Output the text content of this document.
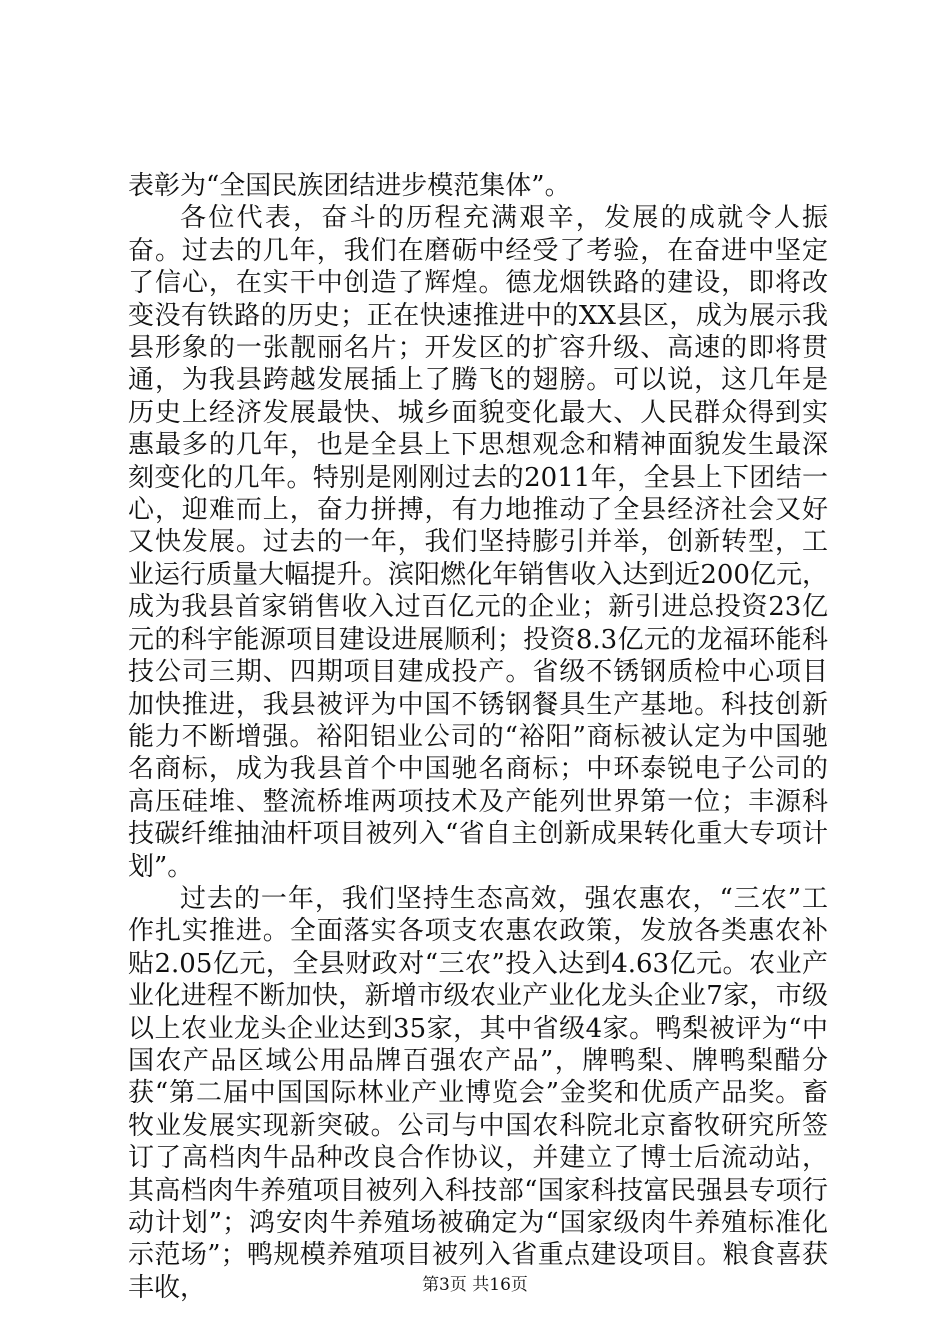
表彰为“全国民族团结进步模范集体”。

各位代表，奋斗的历程充满艰辛，发展的成就令人振奋。过去的几年，我们在磨砺中经受了考验，在奋进中坚定了信心，在实干中创造了辉煌。德龙烟铁路的建设，即将改变没有铁路的历史；正在快速推进中的XX县区，成为展示我县形象的一张靓丽名片；开发区的扩容升级、高速的即将贯通，为我县跨越发展插上了腾飞的翅膀。可以说，这几年是历史上经济发展最快、城乡面貌变化最大、人民群众得到实惠最多的几年，也是全县上下思想观念和精神面貌发生最深刻变化的几年。特别是刚刚过去的2011年，全县上下团结一心，迎难而上，奋力拼搏，有力地推动了全县经济社会又好又快发展。过去的一年，我们坚持膨引并举，创新转型，工业运行质量大幅提升。滨阳燃化年销售收入达到近200亿元，成为我县首家销售收入过百亿元的企业；新引进总投资23亿元的科宇能源项目建设进展顺利；投资8.3亿元的龙福环能科技公司三期、四期项目建成投产。省级不锈钢质检中心项目加快推进，我县被评为中国不锈钢餐具生产基地。科技创新能力不断增强。裕阳铝业公司的“裕阳”商标被认定为中国驰名商标，成为我县首个中国驰名商标；中环泰锐电子公司的高压硅堆、整流桥堆两项技术及产能列世界第一位；丰源科技碳纤维抽油杆项目被列入“省自主创新成果转化重大专项计划”。

过去的一年，我们坚持生态高效，强农惠农，“三农”工作扎实推进。全面落实各项支农惠农政策，发放各类惠农补贴2.05亿元，全县财政对“三农”投入达到4.63亿元。农业产业化进程不断加快，新增市级农业产业化龙头企业7家，市级以上农业龙头企业达到35家，其中省级4家。鸭梨被评为“中国农产品区域公用品牌百强农产品”，牌鸭梨、牌鸭梨醋分获“第二届中国国际林业产业博览会”金奖和优质产品奖。畜牧业发展实现新突破。公司与中国农科院北京畜牧研究所签订了高档肉牛品种改良合作协议，并建立了博士后流动站，其高档肉牛养殖项目被列入科技部“国家科技富民强县专项行动计划”；鸿安肉牛养殖场被确定为“国家级肉牛养殖标准化示范场”；鸭规模养殖项目被列入省重点建设项目。粮食喜获丰收，	第3页 共16页
